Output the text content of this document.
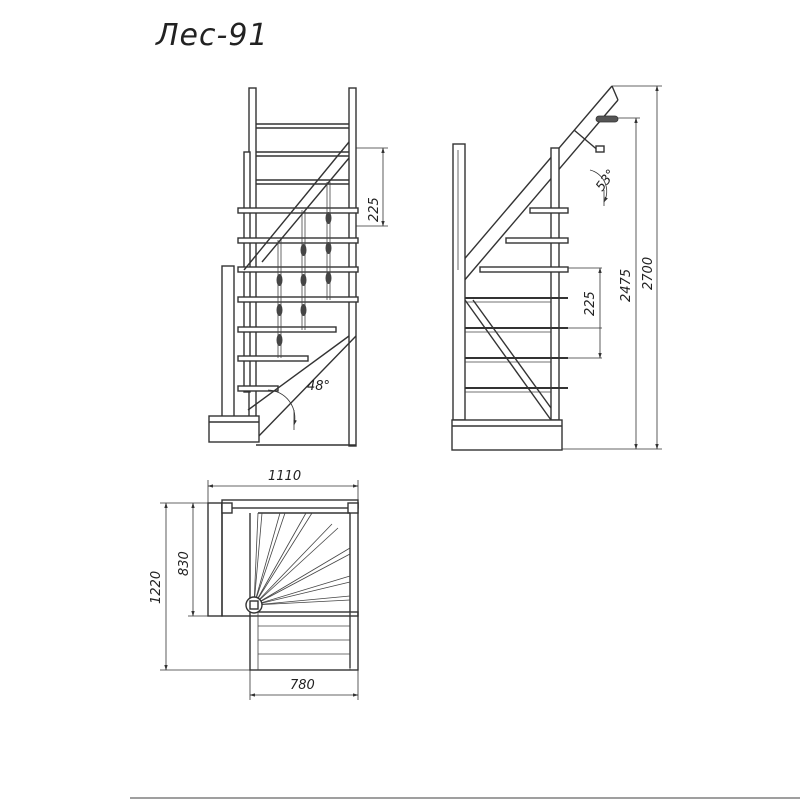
Лес-91
225
48°
53°
225
2475 2700
1110
1220
830
780
